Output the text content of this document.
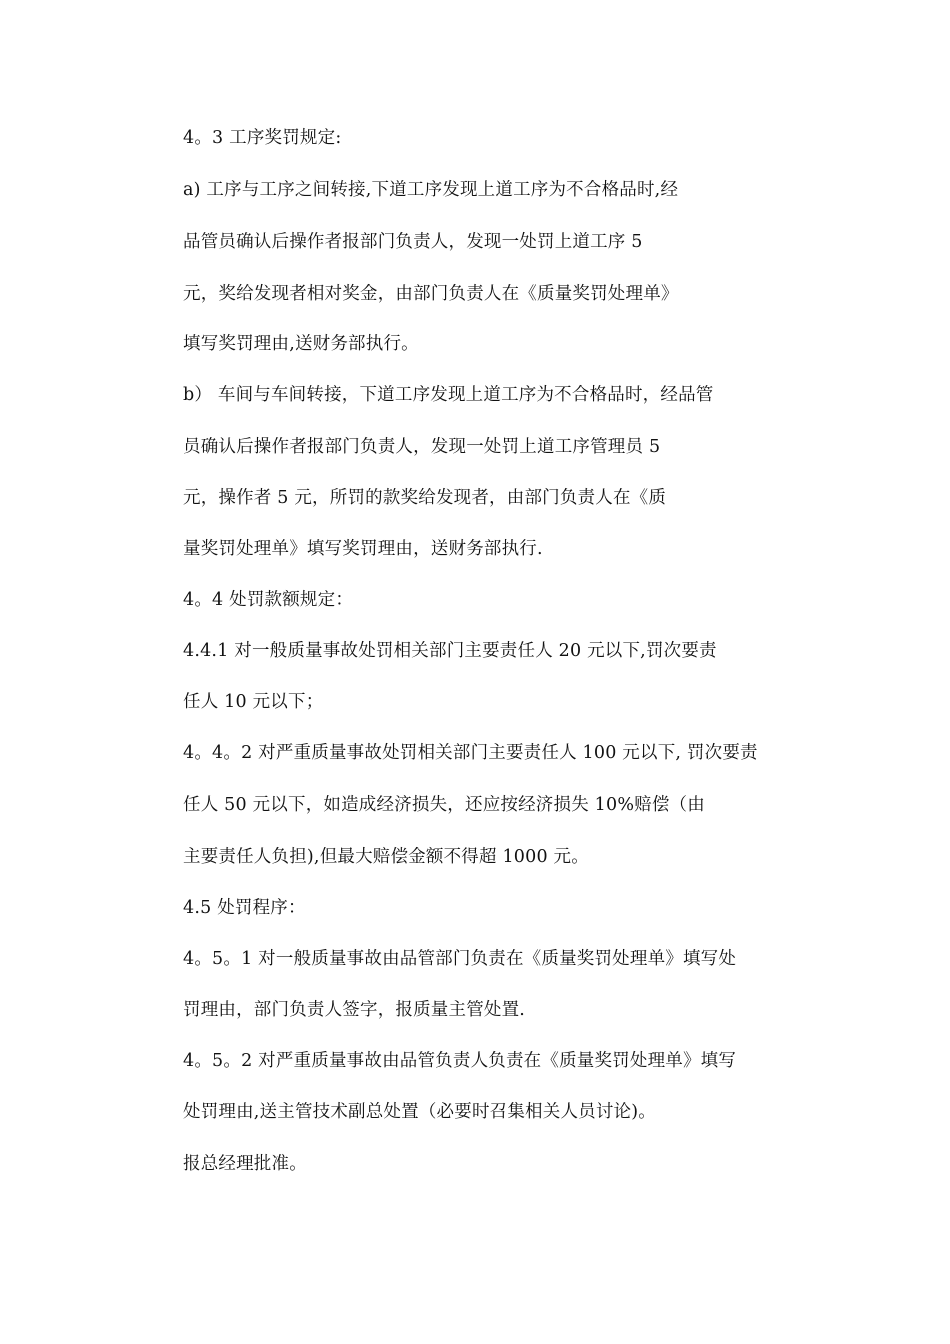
4。3 工序奖罚规定:

a) 工序与工序之间转接,下道工序发现上道工序为不合格品时,经

品管员确认后操作者报部门负责人，发现一处罚上道工序 5

元，奖给发现者相对奖金，由部门负责人在《质量奖罚处理单》

填写奖罚理由,送财务部执行。

b） 车间与车间转接，下道工序发现上道工序为不合格品时，经品管

员确认后操作者报部门负责人，发现一处罚上道工序管理员 5

元，操作者 5 元，所罚的款奖给发现者，由部门负责人在《质

量奖罚处理单》填写奖罚理由，送财务部执行.

4。4 处罚款额规定：

4.4.1 对一般质量事故处罚相关部门主要责任人 20 元以下,罚次要责

任人 10 元以下；

4。4。2 对严重质量事故处罚相关部门主要责任人 100 元以下, 罚次要责

任人 50 元以下，如造成经济损失，还应按经济损失 10%赔偿（由

主要责任人负担),但最大赔偿金额不得超 1000 元。

4.5 处罚程序：

4。5。1 对一般质量事故由品管部门负责在《质量奖罚处理单》填写处

罚理由，部门负责人签字，报质量主管处置.

4。5。2 对严重质量事故由品管负责人负责在《质量奖罚处理单》填写

处罚理由,送主管技术副总处置（必要时召集相关人员讨论)。

报总经理批准。
